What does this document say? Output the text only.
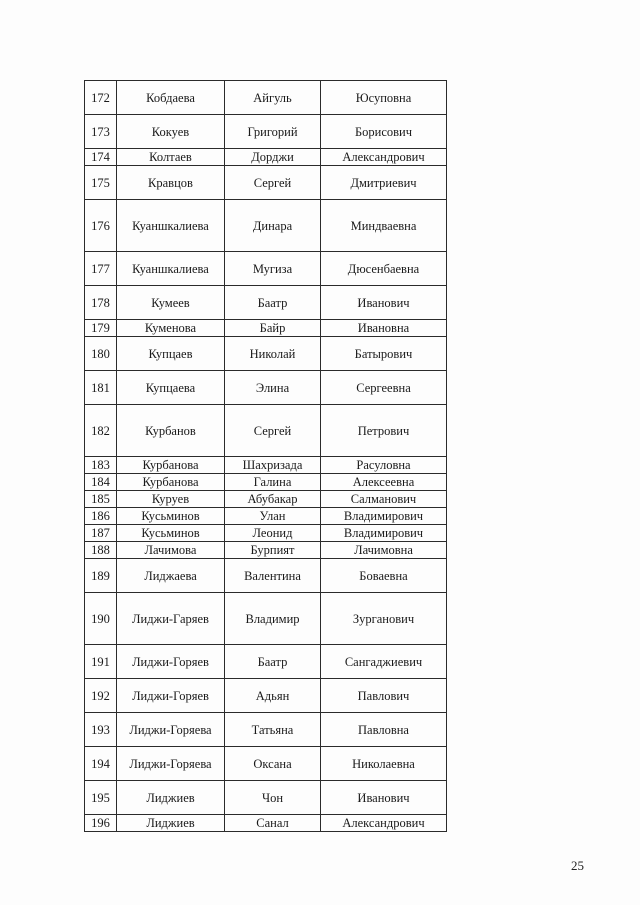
172	Кобдаева	Айгуль	Юсуповна
173	Кокуев	Григорий	Борисович
174	Колтаев	Дорджи	Александрович
175	Кравцов	Сергей	Дмитриевич
176	Куаншкалиева	Динара	Миндваевна
177	Куаншкалиева	Мугиза	Дюсенбаевна
178	Кумеев	Баатр	Иванович
179	Куменова	Байр	Ивановна
180	Купцаев	Николай	Батырович
181	Купцаева	Элина	Сергеевна
182	Курбанов	Сергей	Петрович
183	Курбанова	Шахризада	Расуловна
184	Курбанова	Галина	Алексеевна
185	Куруев	Абубакар	Салманович
186	Кусьминов	Улан	Владимирович
187	Кусьминов	Леонид	Владимирович
188	Лачимова	Бурпият	Лачимовна
189	Лиджаева	Валентина	Боваевна
190	Лиджи-Гаряев	Владимир	Зурганович
191	Лиджи-Горяев	Баатр	Сангаджиевич
192	Лиджи-Горяев	Адьян	Павлович
193	Лиджи-Горяева	Татьяна	Павловна
194	Лиджи-Горяева	Оксана	Николаевна
195	Лиджиев	Чон	Иванович
196	Лиджиев	Санал	Александрович
25
